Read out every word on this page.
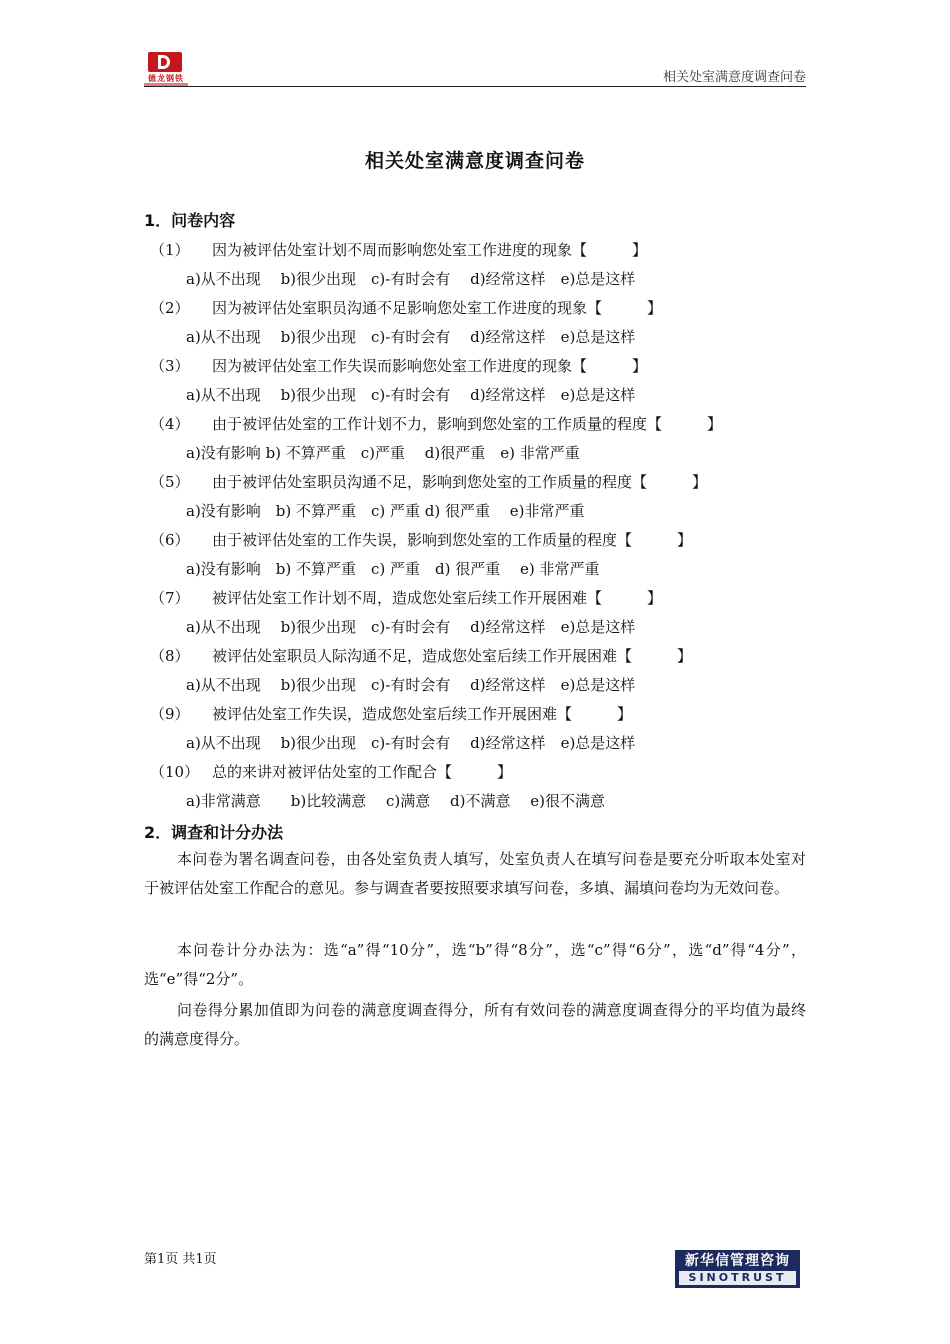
德龙钢铁	相关处室满意度调查问卷
相关处室满意度调查问卷
1．问卷内容
（1） 因为被评估处室计划不周而影响您处室工作进度的现象【　　　】
a)从不出现　 b)很少出现　c)-有时会有　 d)经常这样　e)总是这样
（2） 因为被评估处室职员沟通不足影响您处室工作进度的现象【　　　】
a)从不出现　 b)很少出现　c)-有时会有　 d)经常这样　e)总是这样
（3） 因为被评估处室工作失误而影响您处室工作进度的现象【　　　】
a)从不出现　 b)很少出现　c)-有时会有　 d)经常这样　e)总是这样
（4） 由于被评估处室的工作计划不力，影响到您处室的工作质量的程度【　　　】
a)没有影响 b) 不算严重　c)严重　 d)很严重　e) 非常严重
（5） 由于被评估处室职员沟通不足，影响到您处室的工作质量的程度【　　　】
a)没有影响　b) 不算严重　c) 严重 d) 很严重　 e)非常严重
（6） 由于被评估处室的工作失误，影响到您处室的工作质量的程度【　　　】
a)没有影响　b) 不算严重　c) 严重　d) 很严重　 e) 非常严重
（7） 被评估处室工作计划不周，造成您处室后续工作开展困难【　　　】
a)从不出现　 b)很少出现　c)-有时会有　 d)经常这样　e)总是这样
（8） 被评估处室职员人际沟通不足，造成您处室后续工作开展困难【　　　】
a)从不出现　 b)很少出现　c)-有时会有　 d)经常这样　e)总是这样
（9） 被评估处室工作失误，造成您处室后续工作开展困难【　　　】
a)从不出现　 b)很少出现　c)-有时会有　 d)经常这样　e)总是这样
（10） 总的来讲对被评估处室的工作配合【　　　】
a)非常满意　　b)比较满意　 c)满意　 d)不满意　 e)很不满意
2．调查和计分办法
本问卷为署名调查问卷，由各处室负责人填写，处室负责人在填写问卷是要充分听取本处室对于被评估处室工作配合的意见。参与调查者要按照要求填写问卷，多填、漏填问卷均为无效问卷。
本问卷计分办法为：选“a”得“10分”，选“b”得“8分”，选“c”得“6分”，选“d”得“4分”，选“e”得“2分”。
问卷得分累加值即为问卷的满意度调查得分，所有有效问卷的满意度调查得分的平均值为最终的满意度得分。
第1页 共1页	新华信管理咨询
SINOTRUST
